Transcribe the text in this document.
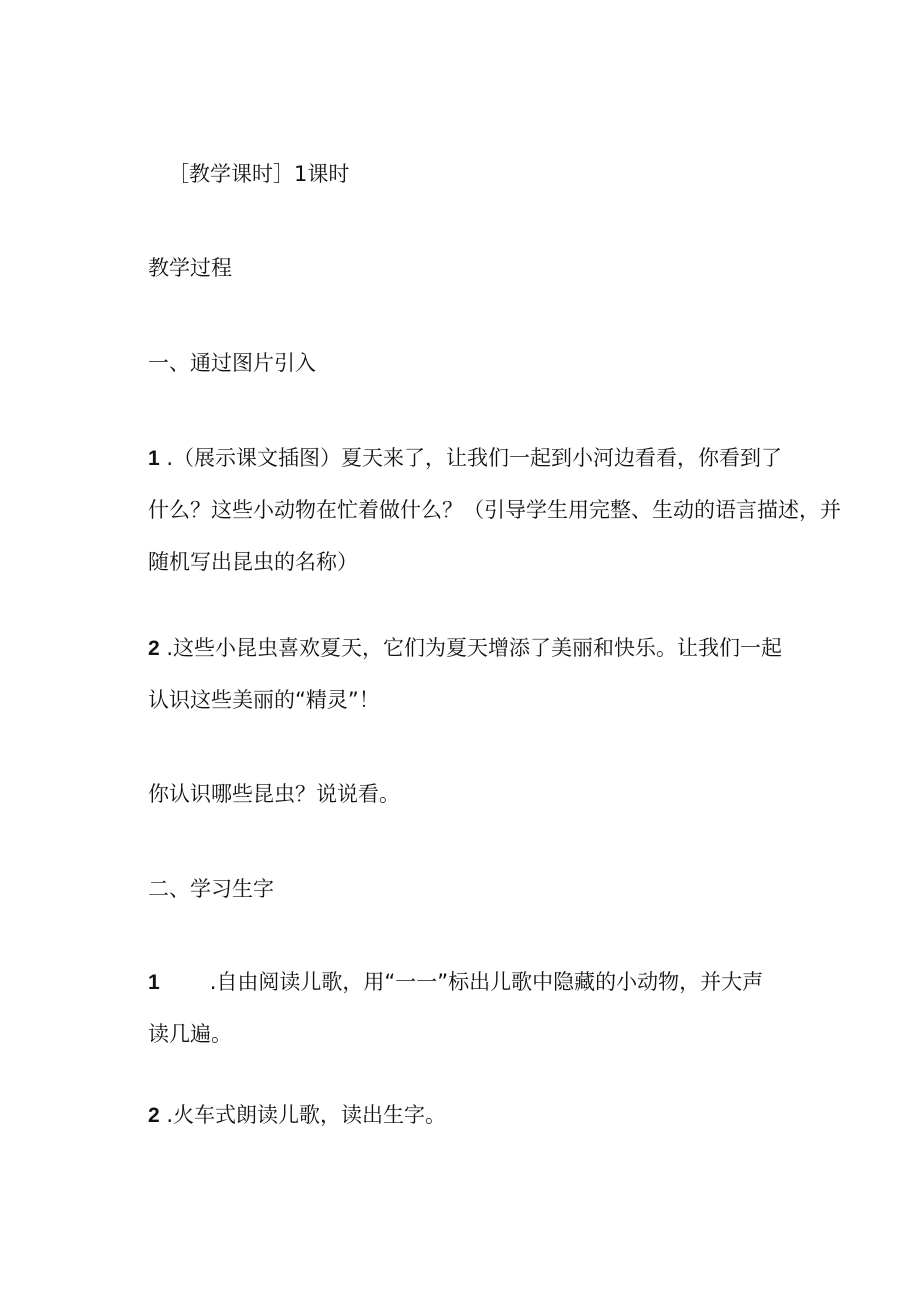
［教学课时］1课时
教学过程
一、通过图片引入
1 .（展示课文插图）夏天来了，让我们一起到小河边看看，你看到了
什么？这些小动物在忙着做什么？（引导学生用完整、生动的语言描述，并
随机写出昆虫的名称）
2 .这些小昆虫喜欢夏天，它们为夏天增添了美丽和快乐。让我们一起
认识这些美丽的“精灵”！
你认识哪些昆虫？说说看。
二、学习生字
1 .自由阅读儿歌，用“一一”标出儿歌中隐藏的小动物，并大声
读几遍。
2 .火车式朗读儿歌，读出生字。
